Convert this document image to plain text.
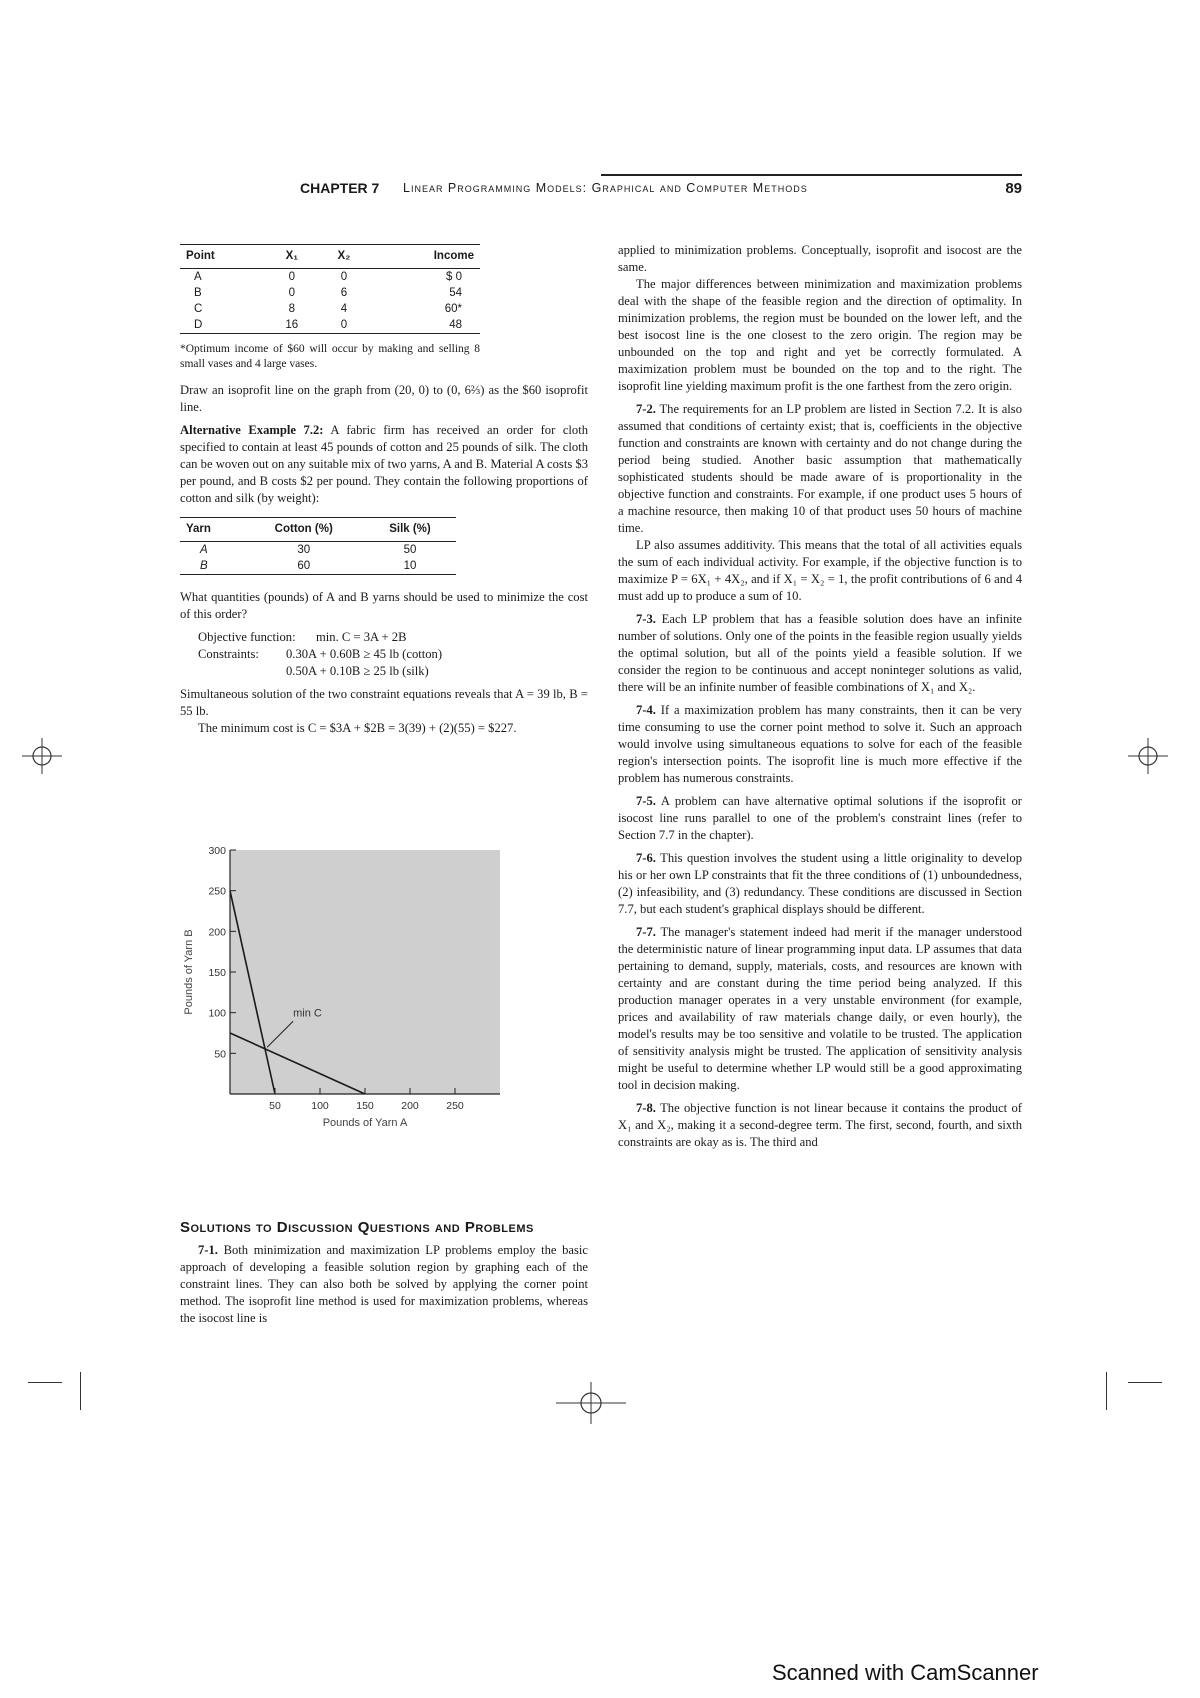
CHAPTER 7 Linear Programming Models: Graphical and Computer Methods	89
Point	X₁	X₂	Income
A	0	0	$ 0
B	0	6	54
C	8	4	60*
D	16	0	48

*Optimum income of $60 will occur by making and selling 8 small vases and 4 large vases.

Draw an isoprofit line on the graph from (20, 0) to (0, 6⅔) as the $60 isoprofit line.

Alternative Example 7.2: A fabric firm has received an order for cloth specified to contain at least 45 pounds of cotton and 25 pounds of silk. The cloth can be woven out on any suitable mix of two yarns, A and B. Material A costs $3 per pound, and B costs $2 per pound. They contain the following proportions of cotton and silk (by weight):

Yarn	Cotton (%)	Silk (%)
A	30	50
B	60	10

What quantities (pounds) of A and B yarns should be used to minimize the cost of this order?

Objective function: min. C = 3A + 2B
Constraints: 0.30A + 0.60B ≥ 45 lb (cotton)
0.50A + 0.10B ≥ 25 lb (silk)

Simultaneous solution of the two constraint equations reveals that A = 39 lb, B = 55 lb.

The minimum cost is C = $3A + $2B = 3(39) + (2)(55) = $227.

50
100
150
200
250
300
50	100	150	200	250
Pounds of Yarn B
Pounds of Yarn A
min C
Solutions to Discussion Questions and Problems

7-1. Both minimization and maximization LP problems employ the basic approach of developing a feasible solution region by graphing each of the constraint lines. They can also both be solved by applying the corner point method. The isoprofit line method is used for maximization problems, whereas the isocost line is

applied to minimization problems. Conceptually, isoprofit and isocost are the same.

The major differences between minimization and maximization problems deal with the shape of the feasible region and the direction of optimality. In minimization problems, the region must be bounded on the lower left, and the best isocost line is the one closest to the zero origin. The region may be unbounded on the top and right and yet be correctly formulated. A maximization problem must be bounded on the top and to the right. The isoprofit line yielding maximum profit is the one farthest from the zero origin.

7-2. The requirements for an LP problem are listed in Section 7.2. It is also assumed that conditions of certainty exist; that is, coefficients in the objective function and constraints are known with certainty and do not change during the period being studied. Another basic assumption that mathematically sophisticated students should be made aware of is proportionality in the objective function and constraints. For example, if one product uses 5 hours of a machine resource, then making 10 of that product uses 50 hours of machine time.

LP also assumes additivity. This means that the total of all activities equals the sum of each individual activity. For example, if the objective function is to maximize P = 6X₁ + 4X₂, and if X₁ = X₂ = 1, the profit contributions of 6 and 4 must add up to produce a sum of 10.

7-3. Each LP problem that has a feasible solution does have an infinite number of solutions. Only one of the points in the feasible region usually yields the optimal solution, but all of the points yield a feasible solution. If we consider the region to be continuous and accept noninteger solutions as valid, there will be an infinite number of feasible combinations of X₁ and X₂.

7-4. If a maximization problem has many constraints, then it can be very time consuming to use the corner point method to solve it. Such an approach would involve using simultaneous equations to solve for each of the feasible region's intersection points. The isoprofit line is much more effective if the problem has numerous constraints.

7-5. A problem can have alternative optimal solutions if the isoprofit or isocost line runs parallel to one of the problem's constraint lines (refer to Section 7.7 in the chapter).

7-6. This question involves the student using a little originality to develop his or her own LP constraints that fit the three conditions of (1) unboundedness, (2) infeasibility, and (3) redundancy. These conditions are discussed in Section 7.7, but each student's graphical displays should be different.

7-7. The manager's statement indeed had merit if the manager understood the deterministic nature of linear programming input data. LP assumes that data pertaining to demand, supply, materials, costs, and resources are known with certainty and are constant during the time period being analyzed. If this production manager operates in a very unstable environment (for example, prices and availability of raw materials change daily, or even hourly), the model's results may be too sensitive and volatile to be trusted. The application of sensitivity analysis might be trusted. The application of sensitivity analysis might be useful to determine whether LP would still be a good approximating tool in decision making.

7-8. The objective function is not linear because it contains the product of X₁ and X₂, making it a second-degree term. The first, second, fourth, and sixth constraints are okay as is. The third and

Scanned with CamScanner
